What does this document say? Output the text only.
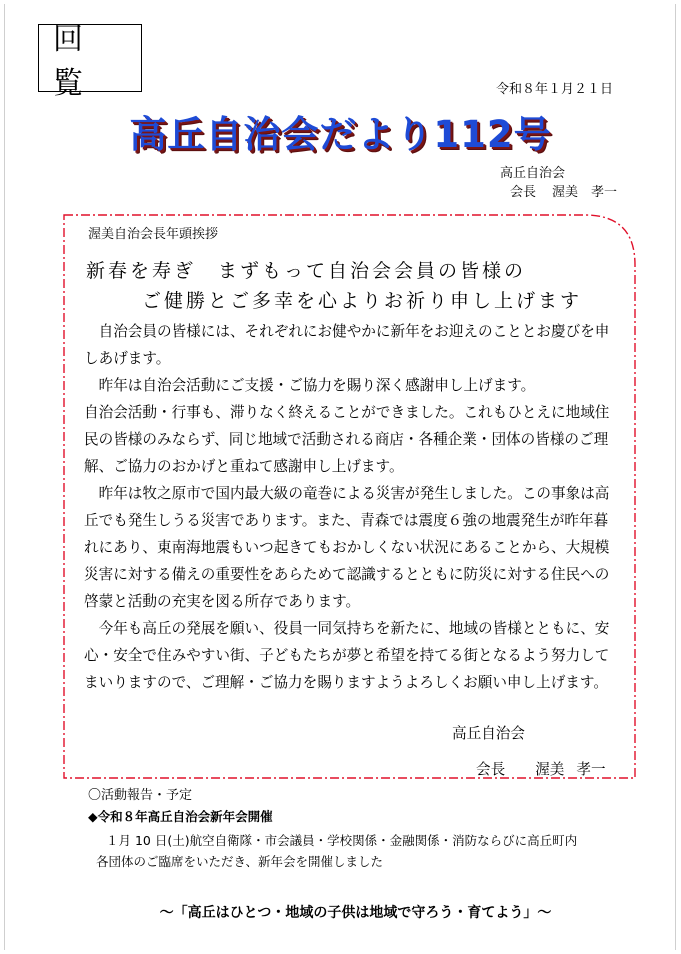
回覧	令和８年１月２１日
高丘自治会だより112号
高丘自治会
会長 渥美　孝一
渥美自治会長年頭挨拶
新春を寿ぎ　まずもって自治会会員の皆様の
ご健勝とご多幸を心よりお祈り申し上げます

自治会員の皆様には、それぞれにお健やかに新年をお迎えのこととお慶びを申しあげます。

昨年は自治会活動にご支援・ご協力を賜り深く感謝申し上げます。

自治会活動・行事も、滞りなく終えることができました。これもひとえに地域住民の皆様のみならず、同じ地域で活動される商店・各種企業・団体の皆様のご理解、ご協力のおかげと重ねて感謝申し上げます。

昨年は牧之原市で国内最大級の竜巻による災害が発生しました。この事象は高丘でも発生しうる災害であります。また、青森では震度６強の地震発生が昨年暮れにあり、東南海地震もいつ起きてもおかしくない状況にあることから、大規模災害に対する備えの重要性をあらためて認識するとともに防災に対する住民への啓蒙と活動の充実を図る所存であります。

今年も高丘の発展を願い、役員一同気持ちを新たに、地域の皆様とともに、安心・安全で住みやすい街、子どもたちが夢と希望を持てる街となるよう努力してまいりますので、ご理解・ご協力を賜りますようよろしくお願い申し上げます。

高丘自治会
会長 渥美 孝一
〇活動報告・予定
◆令和８年高丘自治会新年会開催
１月 10 日(土)航空自衛隊・市会議員・学校関係・金融関係・消防ならびに高丘町内
各団体のご臨席をいただき、新年会を開催しました
～「高丘はひとつ・地域の子供は地域で守ろう・育てよう」～
